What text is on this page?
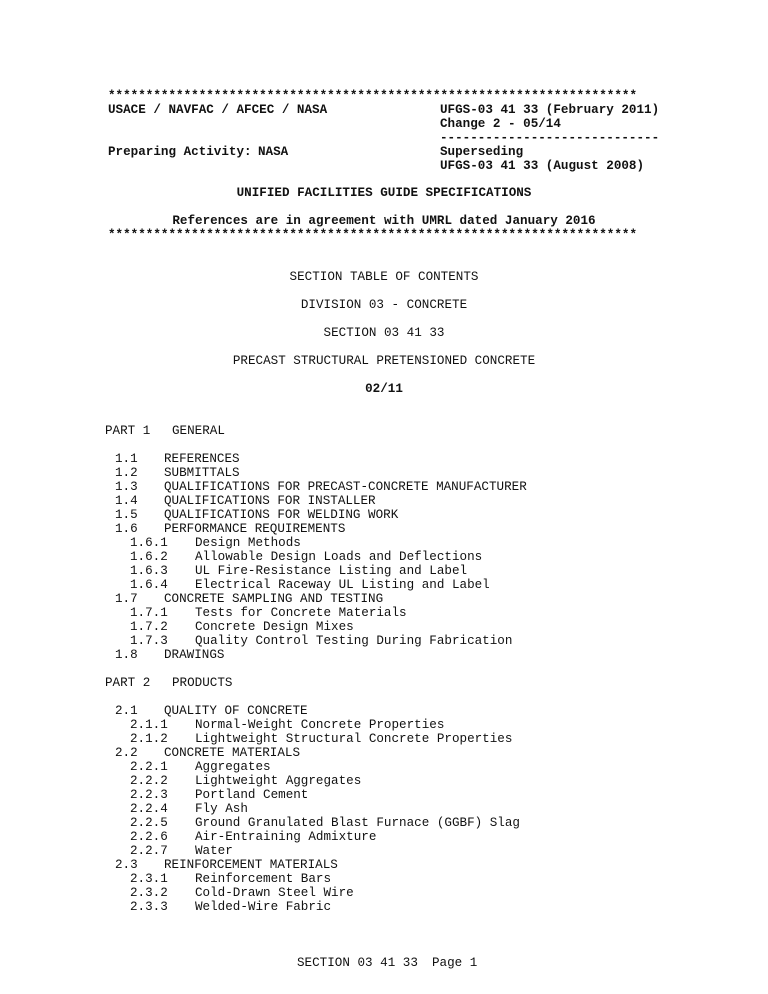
**********************************************************************
USACE / NAVFAC / AFCEC / NASA	UFGS-03 41 33 (February 2011)
Change 2 - 05/14
-----------------------------
Preparing Activity: NASA	Superseding
UFGS-03 41 33 (August 2008)
UNIFIED FACILITIES GUIDE SPECIFICATIONS
References are in agreement with UMRL dated January 2016
**********************************************************************
SECTION TABLE OF CONTENTS
DIVISION 03 - CONCRETE
SECTION 03 41 33
PRECAST STRUCTURAL PRETENSIONED CONCRETE
02/11
PART 1 GENERAL
1.1 REFERENCES
1.2 SUBMITTALS
1.3 QUALIFICATIONS FOR PRECAST-CONCRETE MANUFACTURER
1.4 QUALIFICATIONS FOR INSTALLER
1.5 QUALIFICATIONS FOR WELDING WORK
1.6 PERFORMANCE REQUIREMENTS
1.6.1 Design Methods
1.6.2 Allowable Design Loads and Deflections
1.6.3 UL Fire-Resistance Listing and Label
1.6.4 Electrical Raceway UL Listing and Label
1.7 CONCRETE SAMPLING AND TESTING
1.7.1 Tests for Concrete Materials
1.7.2 Concrete Design Mixes
1.7.3 Quality Control Testing During Fabrication
1.8 DRAWINGS
PART 2 PRODUCTS
2.1 QUALITY OF CONCRETE
2.1.1 Normal-Weight Concrete Properties
2.1.2 Lightweight Structural Concrete Properties
2.2 CONCRETE MATERIALS
2.2.1 Aggregates
2.2.2 Lightweight Aggregates
2.2.3 Portland Cement
2.2.4 Fly Ash
2.2.5 Ground Granulated Blast Furnace (GGBF) Slag
2.2.6 Air-Entraining Admixture
2.2.7 Water
2.3 REINFORCEMENT MATERIALS
2.3.1 Reinforcement Bars
2.3.2 Cold-Drawn Steel Wire
2.3.3 Welded-Wire Fabric
SECTION 03 41 33 Page 1
